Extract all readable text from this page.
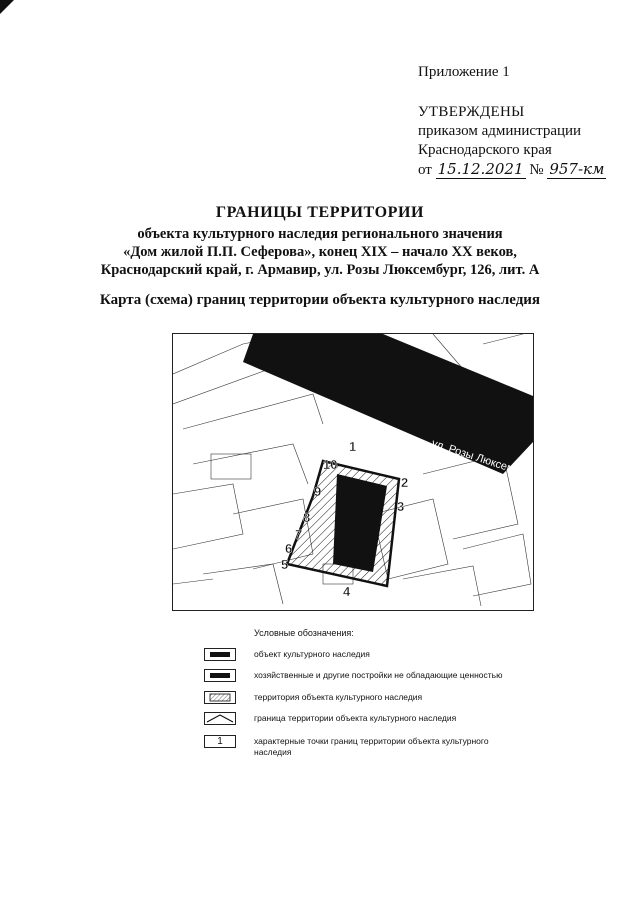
Приложение 1
УТВЕРЖДЕНЫ
приказом администрации
Краснодарского края
от 15.12.2021 № 957-км
ГРАНИЦЫ ТЕРРИТОРИИ
объекта культурного наследия регионального значения
«Дом жилой П.П. Сеферова», конец XIX – начало XX веков,
Краснодарский край, г. Армавир, ул. Розы Люксембург, 126, лит. А
Карта (схема) границ территории объекта культурного наследия
ул. Розы Люксембург
1
2
3
4
5
6
7
8
9
10
Условные обозначения:
объект культурного наследия
хозяйственные и другие постройки не обладающие ценностью
территория объекта культурного наследия
граница территории объекта культурного наследия
1	характерные точки границ территории объекта культурного наследия
